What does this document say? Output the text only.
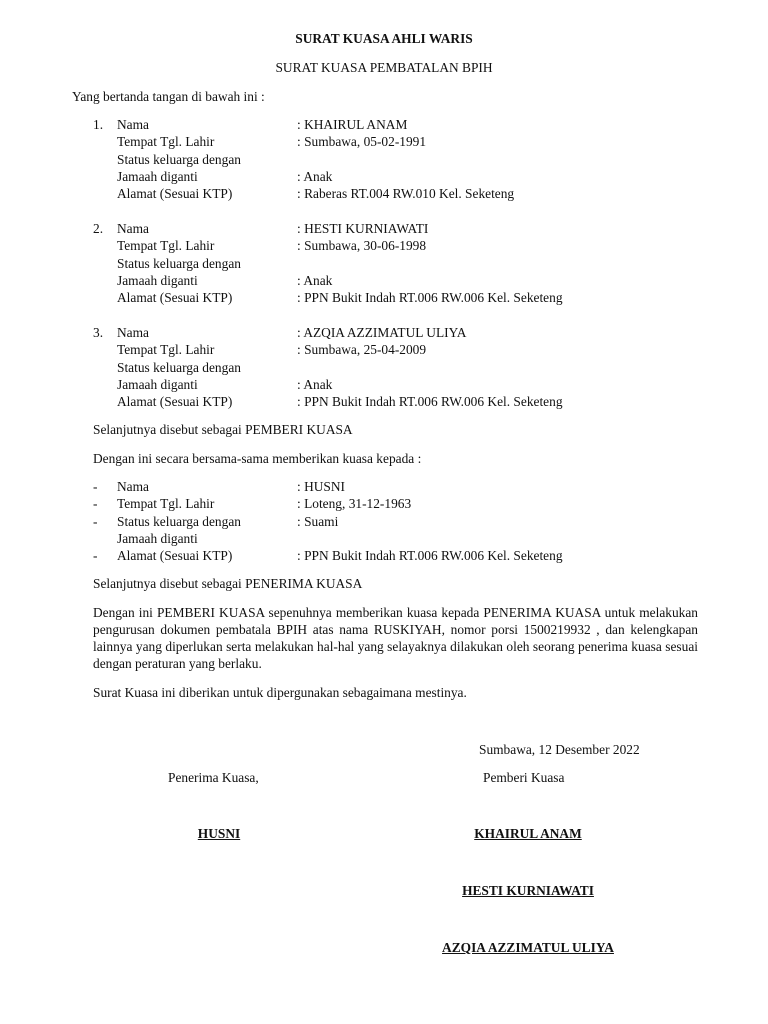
SURAT KUASA AHLI WARIS
SURAT KUASA PEMBATALAN BPIH
Yang bertanda tangan di bawah ini :
1. Nama	: KHAIRUL ANAM
Tempat Tgl. Lahir	: Sumbawa, 05-02-1991
Status keluarga dengan
Jamaah diganti	: Anak
Alamat (Sesuai KTP)	: Raberas RT.004 RW.010 Kel. Seketeng
2. Nama	: HESTI KURNIAWATI
Tempat Tgl. Lahir	: Sumbawa, 30-06-1998
Status keluarga dengan
Jamaah diganti	: Anak
Alamat (Sesuai KTP)	: PPN Bukit Indah RT.006 RW.006 Kel. Seketeng
3. Nama	: AZQIA AZZIMATUL ULIYA
Tempat Tgl. Lahir	: Sumbawa, 25-04-2009
Status keluarga dengan
Jamaah diganti	: Anak
Alamat (Sesuai KTP)	: PPN Bukit Indah RT.006 RW.006 Kel. Seketeng
Selanjutnya disebut sebagai PEMBERI KUASA
Dengan ini secara bersama-sama memberikan kuasa kepada :
- Nama	: HUSNI
- Tempat Tgl. Lahir	: Loteng, 31-12-1963
- Status keluarga dengan	: Suami
Jamaah diganti
- Alamat (Sesuai KTP)	: PPN Bukit Indah RT.006 RW.006 Kel. Seketeng
Selanjutnya disebut sebagai PENERIMA KUASA
Dengan ini PEMBERI KUASA sepenuhnya memberikan kuasa kepada PENERIMA KUASA untuk melakukan pengurusan dokumen pembatala BPIH atas nama RUSKIYAH, nomor porsi 1500219932 , dan kelengkapan lainnya yang diperlukan serta melakukan hal-hal yang selayaknya dilakukan oleh seorang penerima kuasa sesuai dengan peraturan yang berlaku.
Surat Kuasa ini diberikan untuk dipergunakan sebagaimana mestinya.
Sumbawa, 12 Desember 2022
Penerima Kuasa,	Pemberi Kuasa
HUSNI	KHAIRUL ANAM
HESTI KURNIAWATI
AZQIA AZZIMATUL ULIYA
